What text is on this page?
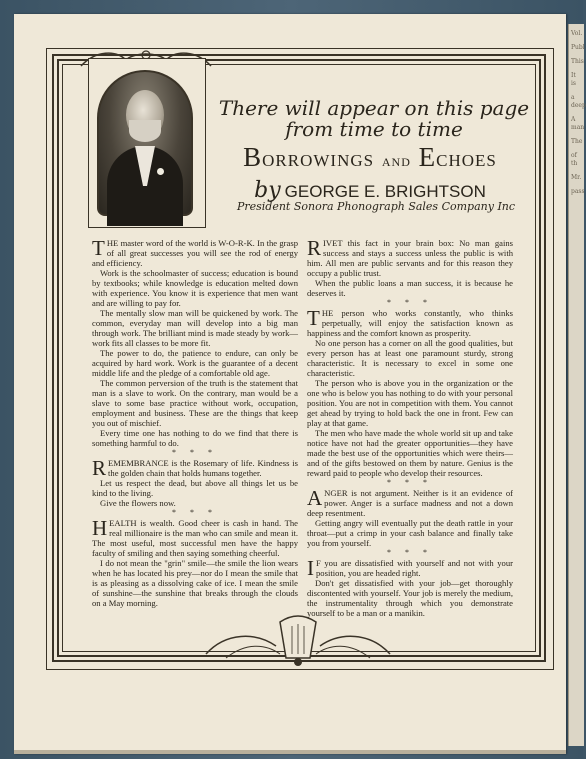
Vol.
Publ
This
It is
a deep
A man
The
of th
Mr.
pass
There will appear on this page from time to time
BORROWINGS AND ECHOES
by GEORGE E. BRIGHTSON
President Sonora Phonograph Sales Company Inc

THE master word of the world is W-O-R-K. In the grasp of all great successes you will see the rod of energy and efficiency.

Work is the schoolmaster of success; education is bound by textbooks; while knowledge is education melted down with experience. You know it is experience that men want and are willing to pay for.

The mentally slow man will be quickened by work. The common, everyday man will develop into a big man through work. The brilliant mind is made steady by work—work fits all classes to be more fit.

The power to do, the patience to endure, can only be acquired by hard work. Work is the guarantee of a decent middle life and the pledge of a comfortable old age.

The common perversion of the truth is the statement that man is a slave to work. On the contrary, man would be a slave to some base practice without work, occupation, employment and business. These are the things that keep you out of mischief.

Every time one has nothing to do we find that there is something harmful to do.

* * *

REMEMBRANCE is the Rosemary of life. Kindness is the golden chain that holds humans together.

Let us respect the dead, but above all things let us be kind to the living.

Give the flowers now.

* * *

HEALTH is wealth. Good cheer is cash in hand. The real millionaire is the man who can smile and mean it. The most useful, most successful men have the happy faculty of smiling and then saying something cheerful.

I do not mean the "grin" smile—the smile the lion wears when he has located his prey—nor do I mean the smile that is as pleasing as a dissolving cake of ice. I mean the smile of sunshine—the sunshine that breaks through the clouds on a May morning.

RIVET this fact in your brain box: No man gains success and stays a success unless the public is with him. All men are public servants and for this reason they occupy a public trust.

When the public loans a man success, it is because he deserves it.

* * *

THE person who works constantly, who thinks perpetually, will enjoy the satisfaction known as happiness and the comfort known as prosperity.

No one person has a corner on all the good qualities, but every person has at least one paramount sturdy, strong characteristic. It is necessary to excel in some one characteristic.

The person who is above you in the organization or the one who is below you has nothing to do with your personal position. You are not in competition with them. You cannot get ahead by trying to hold back the one in front. Few can play at that game.

The men who have made the whole world sit up and take notice have not had the greater opportunities—they have made the best use of the opportunities which were theirs—and of the gifts bestowed on them by nature. Genius is the reward paid to people who develop their resources.

* * *

ANGER is not argument. Neither is it an evidence of power. Anger is a surface madness and not a down deep resentment.

Getting angry will eventually put the death rattle in your throat—put a crimp in your cash balance and finally take you from yourself.

* * *

I F you are dissatisfied with yourself and not with your position, you are headed right.

Don't get dissatisfied with your job—get thoroughly discontented with yourself. Your job is merely the medium, the instrumentality through which you demonstrate yourself to be a man or a manikin.
